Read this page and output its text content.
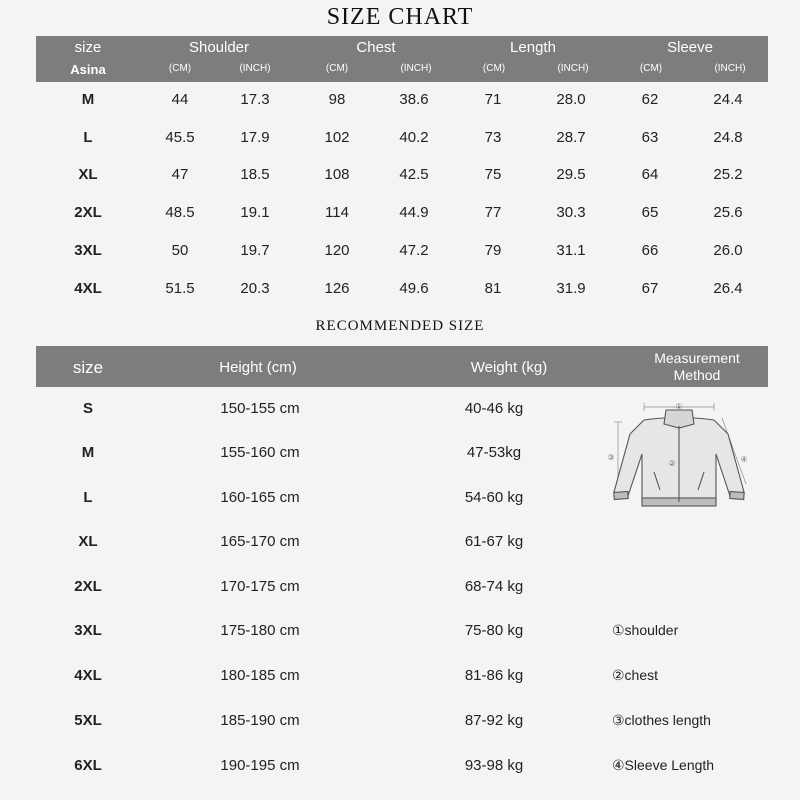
SIZE CHART
size
Asina
Shoulder	Chest	Length	Sleeve
(CM)	(INCH)	(CM)	(INCH)	(CM)	(INCH)	(CM)	(INCH)
M	44	17.3	98	38.6	71	28.0	62	24.4
L	45.5	17.9	102	40.2	73	28.7	63	24.8
XL	47	18.5	108	42.5	75	29.5	64	25.2
2XL	48.5	19.1	114	44.9	77	30.3	65	25.6
3XL	50	19.7	120	47.2	79	31.1	66	26.0
4XL	51.5	20.3	126	49.6	81	31.9	67	26.4
RECOMMENDED SIZE
size	Height (cm)	Weight (kg)
Measurement
Method
S	150-155 cm	40-46 kg
M	155-160 cm	47-53kg
L	160-165 cm	54-60 kg
XL	165-170 cm	61-67 kg
2XL	170-175 cm	68-74 kg
3XL	175-180 cm	75-80 kg
4XL	180-185 cm	81-86 kg
5XL	185-190 cm	87-92 kg
6XL	190-195 cm	93-98 kg
①shoulder
②chest
③clothes length
④Sleeve Length
①
②
③	④
